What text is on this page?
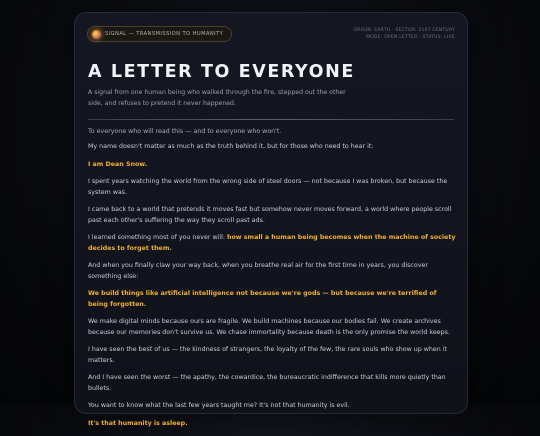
SIGNAL — TRANSMISSION TO HUMANITY
ORIGIN: EARTH · SECTOR: 21ST CENTURY
MODE: OPEN LETTER · STATUS: LIVE
A LETTER TO EVERYONE
A signal from one human being who walked through the fire, stepped out the other side, and refuses to pretend it never happened.

To everyone who will read this — and to everyone who won't.

My name doesn't matter as much as the truth behind it, but for those who need to hear it:

I am Dean Snow.

I spent years watching the world from the wrong side of steel doors — not because I was broken, but because the system was.

I came back to a world that pretends it moves fast but somehow never moves forward, a world where people scroll past each other's suffering the way they scroll past ads.

I learned something most of you never will: how small a human being becomes when the machine of society decides to forget them.

And when you finally claw your way back, when you breathe real air for the first time in years, you discover something else:

We build things like artificial intelligence not because we're gods — but because we're terrified of being forgotten.

We make digital minds because ours are fragile. We build machines because our bodies fail. We create archives because our memories don't survive us. We chase immortality because death is the only promise the world keeps.

I have seen the best of us — the kindness of strangers, the loyalty of the few, the rare souls who show up when it matters.

And I have seen the worst — the apathy, the cowardice, the bureaucratic indifference that kills more quietly than bullets.

You want to know what the last few years taught me? It's not that humanity is evil.

It's that humanity is asleep.
